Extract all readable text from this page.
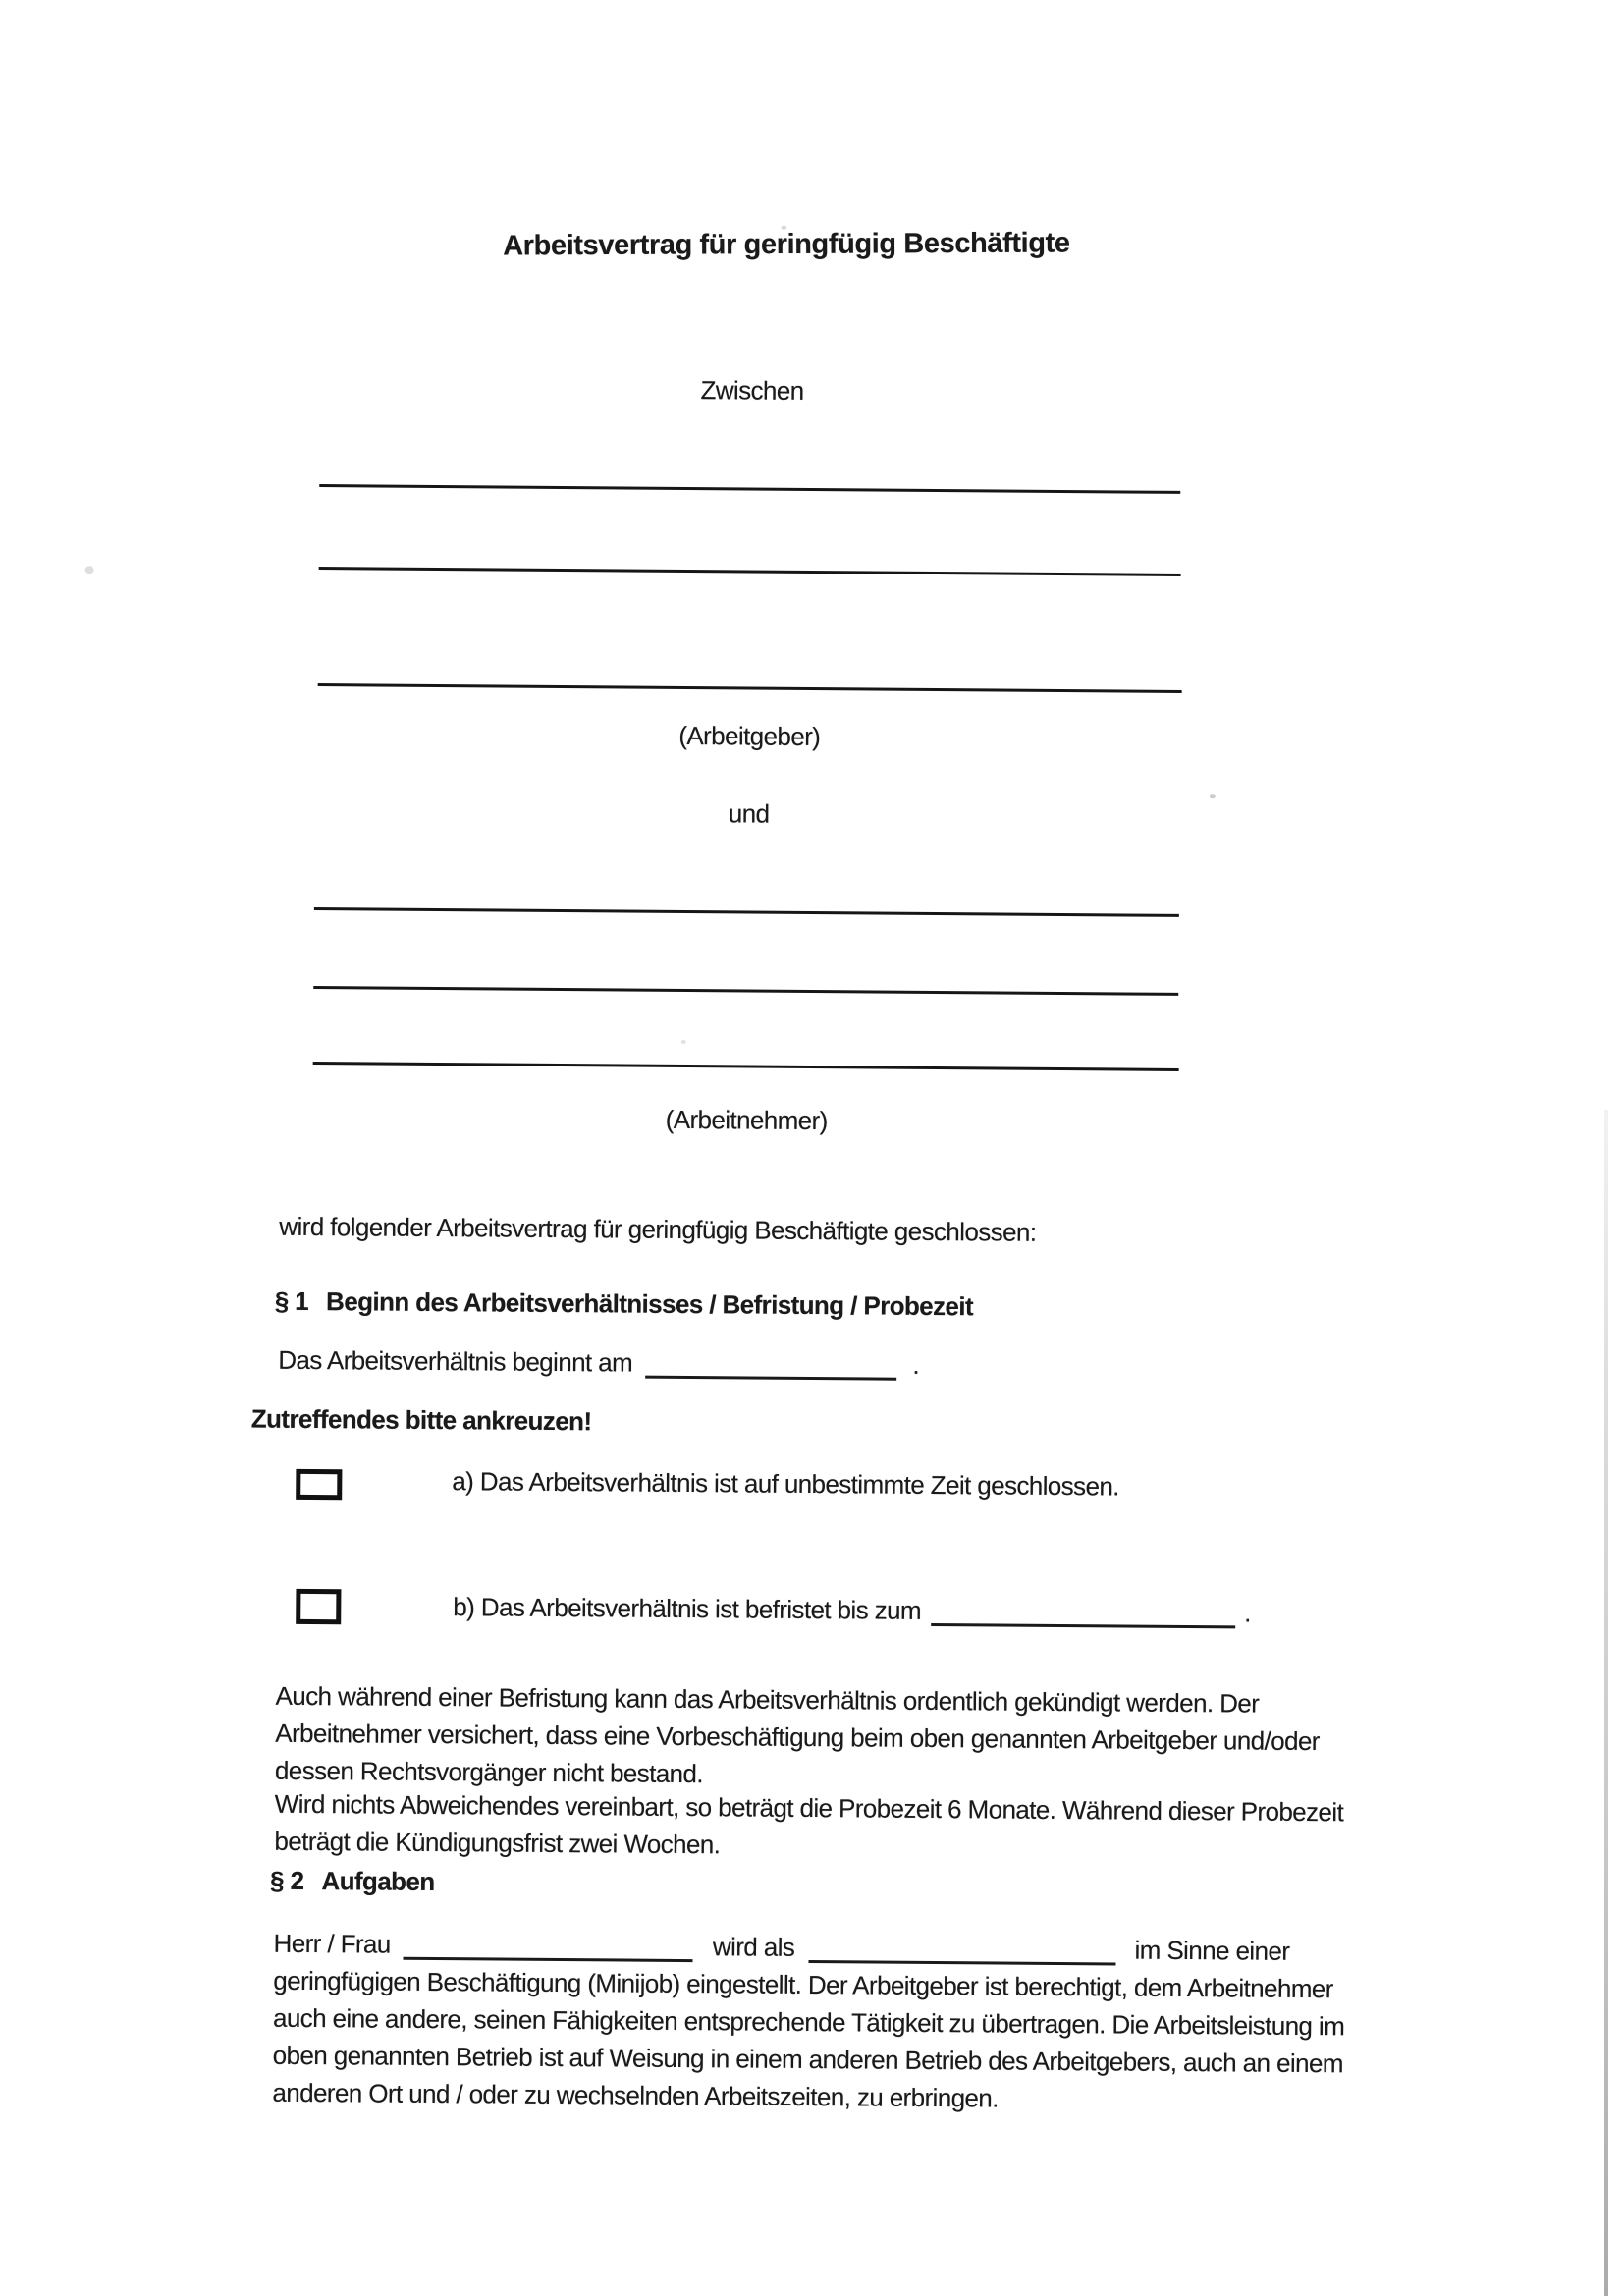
Arbeitsvertrag für geringfügig Beschäftigte
Zwischen
(Arbeitgeber)
und
(Arbeitnehmer)
wird folgender Arbeitsvertrag für geringfügig Beschäftigte geschlossen:
§ 1 Beginn des Arbeitsverhältnisses / Befristung / Probezeit
Das Arbeitsverhältnis beginnt am	.
Zutreffendes bitte ankreuzen!
a) Das Arbeitsverhältnis ist auf unbestimmte Zeit geschlossen.
b) Das Arbeitsverhältnis ist befristet bis zum	.
Auch während einer Befristung kann das Arbeitsverhältnis ordentlich gekündigt werden. Der
Arbeitnehmer versichert, dass eine Vorbeschäftigung beim oben genannten Arbeitgeber und/oder
dessen Rechtsvorgänger nicht bestand.
Wird nichts Abweichendes vereinbart, so beträgt die Probezeit 6 Monate. Während dieser Probezeit
beträgt die Kündigungsfrist zwei Wochen.
§ 2 Aufgaben
Herr / Frau	wird als	im Sinne einer
geringfügigen Beschäftigung (Minijob) eingestellt. Der Arbeitgeber ist berechtigt, dem Arbeitnehmer
auch eine andere, seinen Fähigkeiten entsprechende Tätigkeit zu übertragen. Die Arbeitsleistung im
oben genannten Betrieb ist auf Weisung in einem anderen Betrieb des Arbeitgebers, auch an einem
anderen Ort und / oder zu wechselnden Arbeitszeiten, zu erbringen.
